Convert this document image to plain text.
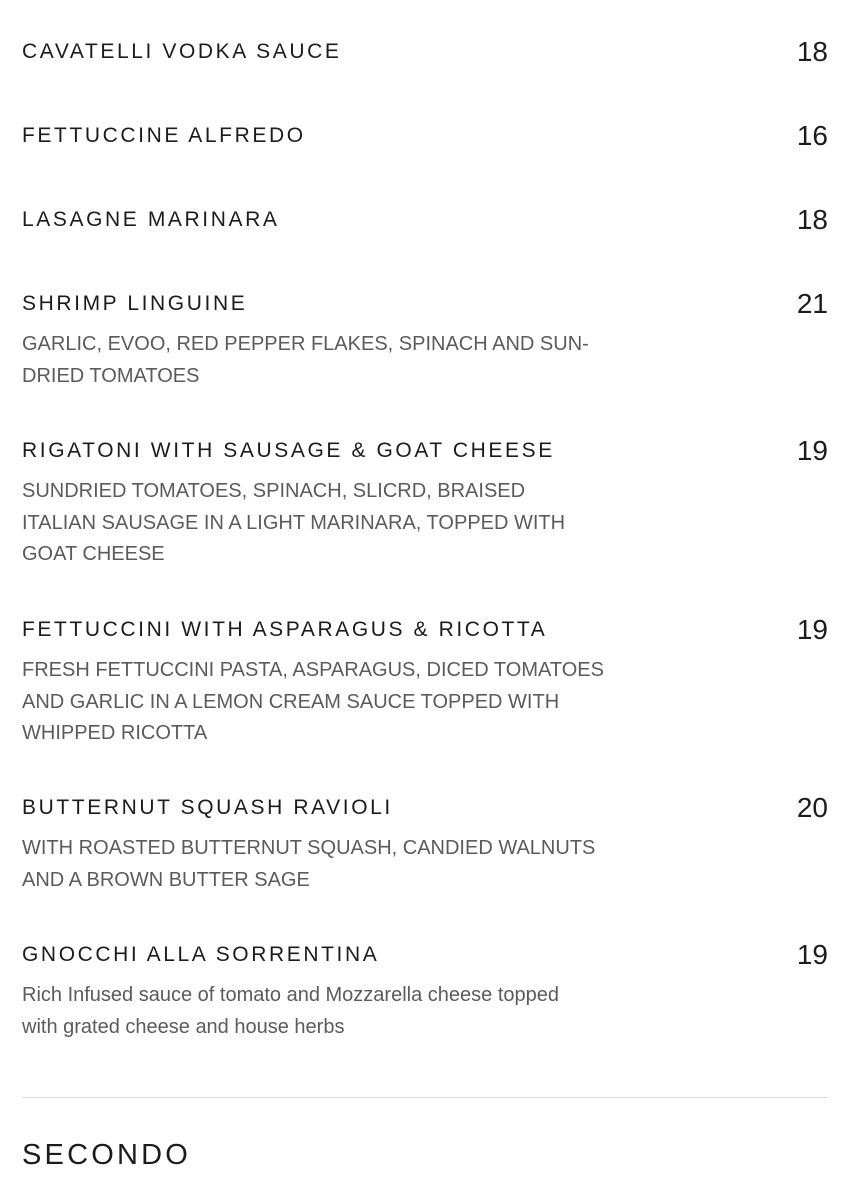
CAVATELLI VODKA SAUCE	18
FETTUCCINE ALFREDO	16
LASAGNE MARINARA	18
SHRIMP LINGUINE	21
GARLIC, EVOO, RED PEPPER FLAKES, SPINACH AND SUN-DRIED TOMATOES
RIGATONI WITH SAUSAGE & GOAT CHEESE	19
SUNDRIED TOMATOES, SPINACH, SLICRD, BRAISED ITALIAN SAUSAGE IN A LIGHT MARINARA, TOPPED WITH GOAT CHEESE
FETTUCCINI WITH ASPARAGUS & RICOTTA	19
FRESH FETTUCCINI PASTA, ASPARAGUS, DICED TOMATOES AND GARLIC IN A LEMON CREAM SAUCE TOPPED WITH WHIPPED RICOTTA
BUTTERNUT SQUASH RAVIOLI	20
WITH ROASTED BUTTERNUT SQUASH, CANDIED WALNUTS AND A BROWN BUTTER SAGE
GNOCCHI ALLA SORRENTINA	19
Rich Infused sauce of tomato and Mozzarella cheese topped with grated cheese and house herbs
SECONDO
